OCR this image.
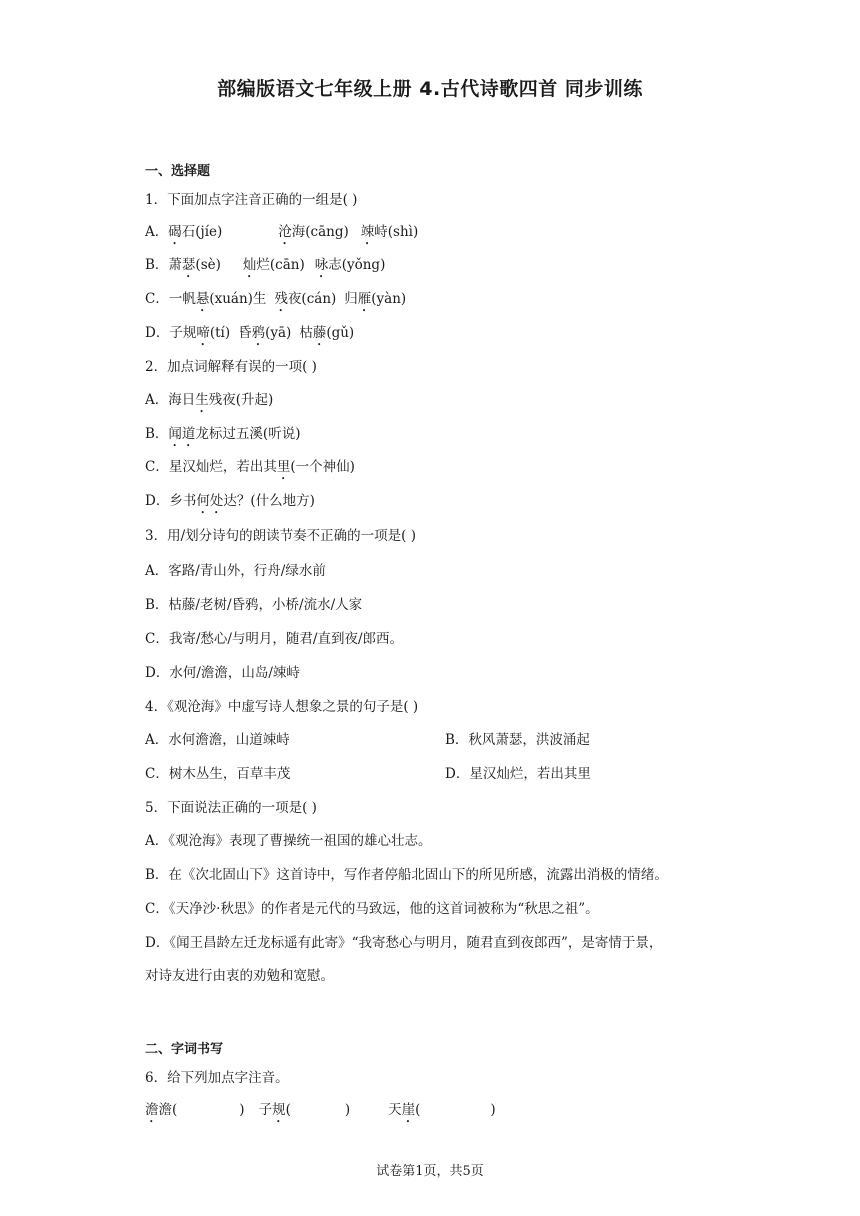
部编版语文七年级上册 4.古代诗歌四首 同步训练
一、选择题
1．下面加点字注音正确的一组是( )
A．碣石(jíe)	沧海(cāng) 竦峙(shì)
B．萧瑟(sè) 灿烂(cān) 咏志(yǒng)
C．一帆悬(xuán)生 残夜(cán) 归雁(yàn)
D．子规啼(tí) 昏鸦(yā) 枯藤(gǔ)
2．加点词解释有误的一项( )
A．海日生残夜(升起)
B．闻道龙标过五溪(听说)
C．星汉灿烂，若出其里(一个神仙)
D．乡书何处达？(什么地方)
3．用/划分诗句的朗读节奏不正确的一项是( )
A．客路/青山外，行舟/绿水前
B．枯藤/老树/昏鸦，小桥/流水/人家
C．我寄/愁心/与明月，随君/直到夜/郎西。
D．水何/澹澹，山岛/竦峙
4．《观沧海》中虚写诗人想象之景的句子是( )
A．水何澹澹，山道竦峙	B．秋风萧瑟，洪波涌起
C．树木丛生，百草丰茂	D．星汉灿烂，若出其里
5．下面说法正确的一项是( )
A．《观沧海》表现了曹操统一祖国的雄心壮志。
B．在《次北固山下》这首诗中，写作者停船北固山下的所见所感，流露出消极的情绪。
C．《天净沙·秋思》的作者是元代的马致远，他的这首词被称为“秋思之祖”。
D．《闻王昌龄左迁龙标遥有此寄》“我寄愁心与明月，随君直到夜郎西”，是寄情于景，
对诗友进行由衷的劝勉和宽慰。
二、字词书写
6．给下列加点字注音。
澹澹(	) 子规(	)	天崖(	)
试卷第1页，共5页
